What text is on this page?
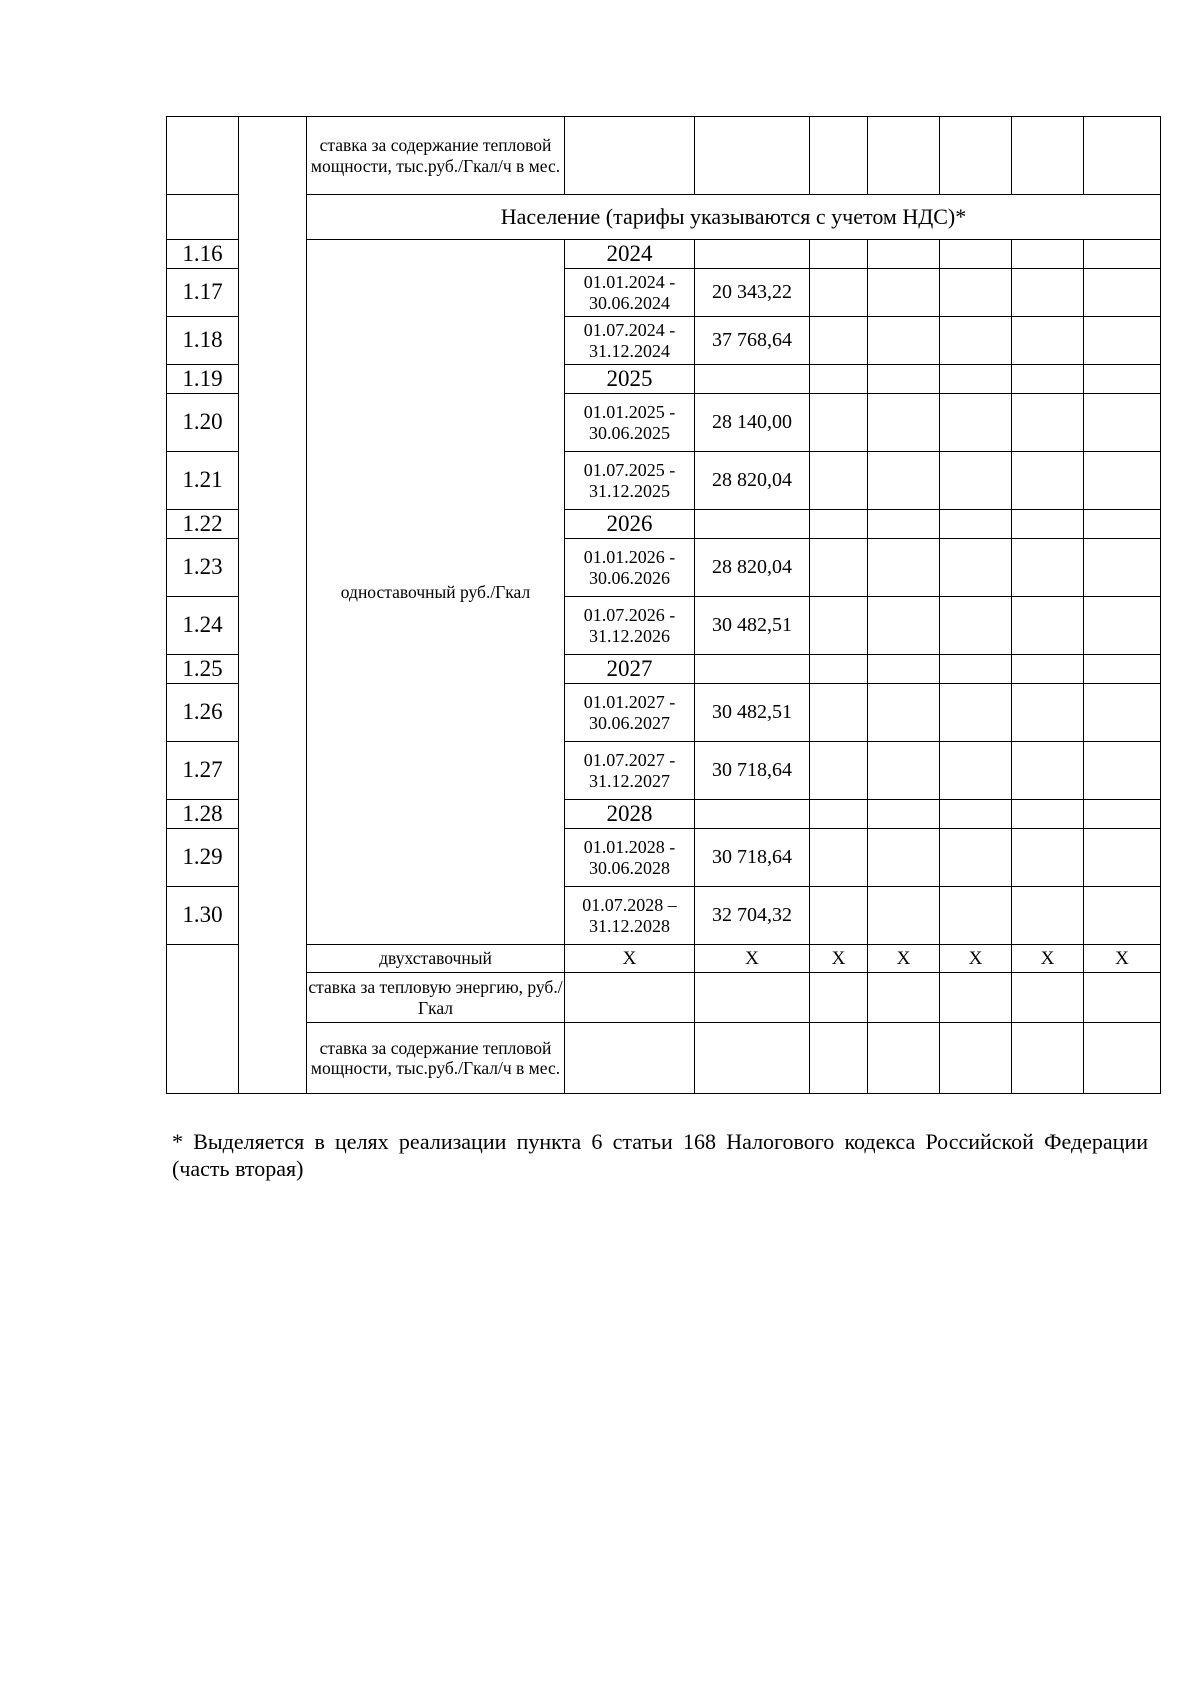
		ставка за содержание тепловой мощности, тыс.руб./Гкал/ч в мес.								
		Население (тарифы указываются с учетом НДС)*								
1.16		одноставочный руб./Гкал	2024							
1.17			01.01.2024 - 30.06.2024	20 343,22						
1.18			01.07.2024 - 31.12.2024	37 768,64						
1.19			2025							
1.20			01.01.2025 - 30.06.2025	28 140,00						
1.21			01.07.2025 - 31.12.2025	28 820,04						
1.22			2026							
1.23			01.01.2026 - 30.06.2026	28 820,04						
1.24			01.07.2026 - 31.12.2026	30 482,51						
1.25			2027							
1.26			01.01.2027 - 30.06.2027	30 482,51						
1.27			01.07.2027 - 31.12.2027	30 718,64						
1.28			2028							
1.29			01.01.2028 - 30.06.2028	30 718,64						
1.30			01.07.2028 – 31.12.2028	32 704,32						
		двухставочный	X	X	X	X	X	X	X	
		ставка за тепловую энергию, руб./Гкал								
		ставка за содержание тепловой мощности, тыс.руб./Гкал/ч в мес.								
* Выделяется в целях реализации пункта 6 статьи 168 Налогового кодекса Российской Федерации (часть вторая)
